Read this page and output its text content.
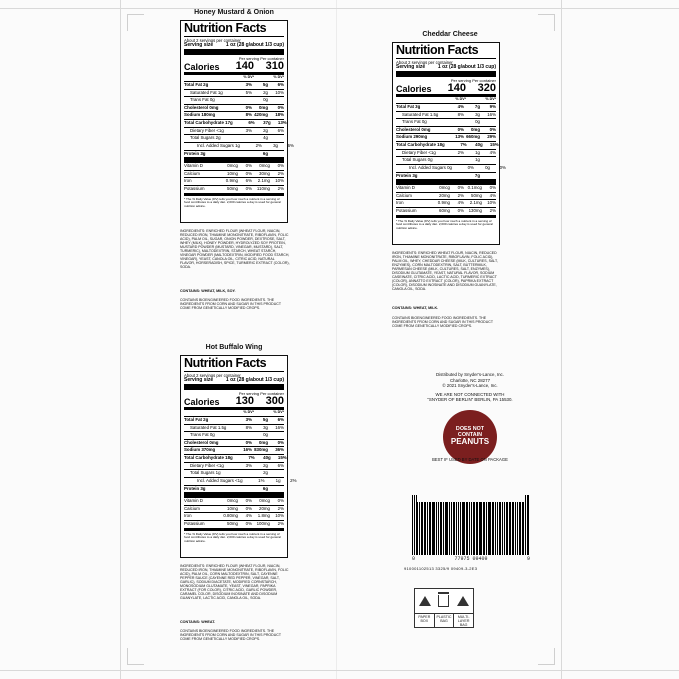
Honey Mustard & Onion
Nutrition Facts
About 2 servings per container
Serving size	1 oz (28 g/about 1/3 cup)
Per serving Per container
Calories	140	310
% DV*	% DV*
Total Fat 2g	3% 5g 6%
Saturated Fat 1g	5%	2g 10%
Trans Fat 0g	0g
Cholesterol 0mg	0% 0mg 0%
Sodium 180mg	8% 420mg 18%
Total Carbohydrate 17g	6% 37g 13%
Dietary Fiber <1g	3%	2g 6%
Total Sugars 2g	4g
Incl. Added Sugars 1g	2%	3g 6%
Protein 3g	6g
Vitamin D	0mcg 0% 0mcg 0%
Calcium	10mg 0% 30mg 2%
Iron	0.9mg 6% 2.1mg 10%
Potassium	50mg 0% 110mg 2%
* The % Daily Value (DV) tells you how much a nutrient in a serving of food contributes to a daily diet. 2,000 calories a day is used for general nutrition advice.
INGREDIENTS: ENRICHED FLOUR (WHEAT FLOUR, NIACIN, REDUCED IRON, THIAMINE MONONITRATE, RIBOFLAVIN, FOLIC ACID), PALM OIL, SUGAR, ONION POWDER, DEXTROSE, SALT, WHEY (MILK), HONEY POWDER, HYDROLYZED SOY PROTEIN, MUSTARD POWDER (MUSTARD, VINEGAR, MUSTARD), SALT, TURMERIC), MALTODEXTRIN, STARCH, WHEAT STARCH, VINEGAR POWDER (MALTODEXTRIN, MODIFIED FOOD STARCH, VINEGAR), YEAST, CANOLA OIL, CITRIC ACID, NATURAL FLAVOR, HORSERADISH, SPICE, TURMERIC EXTRACT (COLOR), SODA.
CONTAINS: WHEAT, MILK, SOY.
CONTAINS BIOENGINEERED FOOD INGREDIENTS. THE INGREDIENTS FROM CORN AND SUGAR IN THIS PRODUCT COME FROM GENETICALLY MODIFIED CROPS.
Cheddar Cheese
Nutrition Facts
About 2 servings per container
Serving size	1 oz (28 g/about 1/3 cup)
Per serving Per container
Calories	140	320
% DV*	% DV*
Total Fat 3g	4% 7g 9%
Saturated Fat 1.5g	8%	3g 16%
Trans Fat 0g	0g
Cholesterol 0mg	0% 0mg 0%
Sodium 290mg	13% 660mg 29%
Total Carbohydrate 18g	7% 40g 15%
Dietary Fiber <1g	2%	1g 4%
Total Sugars 0g	1g
Incl. Added Sugars 0g	0%	0g 0%
Protein 3g	7g
Vitamin D	0mcg 0% 0.1mcg 0%
Calcium	20mg 2% 50mg 4%
Iron	0.9mg 4% 2.1mg 10%
Potassium	60mg 0% 130mg 2%
* The % Daily Value (DV) tells you how much a nutrient in a serving of food contributes to a daily diet. 2,000 calories a day is used for general nutrition advice.
INGREDIENTS: ENRICHED WHEAT FLOUR, NIACIN, REDUCED IRON, THIAMINE MONONITRATE, RIBOFLAVIN, FOLIC ACID), PALM OIL, WHEY, CHEDDAR CHEESE (MILK, CULTURES, SALT, ENZYMES), CORN MALTODEXTRIN, SALT, BUTTERMILK, PARMESAN CHEESE (MILK, CULTURES, SALT, ENZYMES), DISODIUM GLUTAMATE, YEAST, NATURAL FLAVOR, SODIUM CASEINATE, CITRIC ACID, LACTIC ACID, TURMERIC EXTRACT (COLOR), ANNATTO EXTRACT (COLOR), PAPRIKA EXTRACT (COLOR), DISODIUM INOSINATE AND DISODIUM GUANYLATE, CANOLA OIL, SODA.
CONTAINS: WHEAT, MILK.
CONTAINS BIOENGINEERED FOOD INGREDIENTS. THE INGREDIENTS FROM CORN AND SUGAR IN THIS PRODUCT COME FROM GENETICALLY MODIFIED CROPS.
Hot Buffalo Wing
Nutrition Facts
About 2 servings per container
Serving size	1 oz (28 g/about 1/3 cup)
Per serving Per container
Calories	130	300
% DV*	% DV*
Total Fat 2g	3% 5g 6%
Saturated Fat 1.5g	8%	3g 16%
Trans Fat 0g	0g
Cholesterol 0mg	0% 0mg 0%
Sodium 370mg	16% 830mg 36%
Total Carbohydrate 18g	7% 40g 15%
Dietary Fiber <1g	3%	2g 6%
Total Sugars 1g	2g
Incl. Added Sugars <1g	1%	1g 2%
Protein 3g	6g
Vitamin D	0mcg 0% 0mcg 0%
Calcium	10mg 0% 20mg 2%
Iron	0.80mg 4% 1.8mg 10%
Potassium	50mg 0% 100mg 2%
* The % Daily Value (DV) tells you how much a nutrient in a serving of food contributes to a daily diet. 2,000 calories a day is used for general nutrition advice.
INGREDIENTS: ENRICHED FLOUR (WHEAT FLOUR, NIACIN, REDUCED IRON, THIAMINE MONONITRATE, RIBOFLAVIN, FOLIC ACID), PALM OIL, CORN MALTODEXTRIN, SALT, CAYENNE PEPPER SAUCE (CAYENNE RED PEPPER, VINEGAR, SALT, GARLIC), SODIUM DIACETATE, MODIFIED CORNSTARCH, MONOSODIUM GLUTAMATE, YEAST, VINEGAR, PAPRIKA EXTRACT (FOR COLOR), CITRIC ACID, GARLIC POWDER, CARAMEL COLOR, DISODIUM INOSINATE AND DISODIUM GUANYLATE, LACTIC ACID, CANOLA OIL, SODA.
CONTAINS: WHEAT.
CONTAINS BIOENGINEERED FOOD INGREDIENTS. THE INGREDIENTS FROM CORN AND SUGAR IN THIS PRODUCT COME FROM GENETICALLY MODIFIED CROPS.
Distributed by Snyder's-Lance, Inc.
Charlotte, NC 28277
© 2021 Snyder's-Lance, Inc.
WE ARE NOT CONNECTED WITH
"SNYDER OF BERLIN" BERLIN, PA 15530.
DOES NOT
CONTAIN
PEANUTS
BEST IF USED BY DATE ON PACKAGE
0	77975 09409	9
910001102513 3325/9 09409-3-2E3
PAPER
BOX
PLASTIC
BAG
MULTI-LAYER
BAG
